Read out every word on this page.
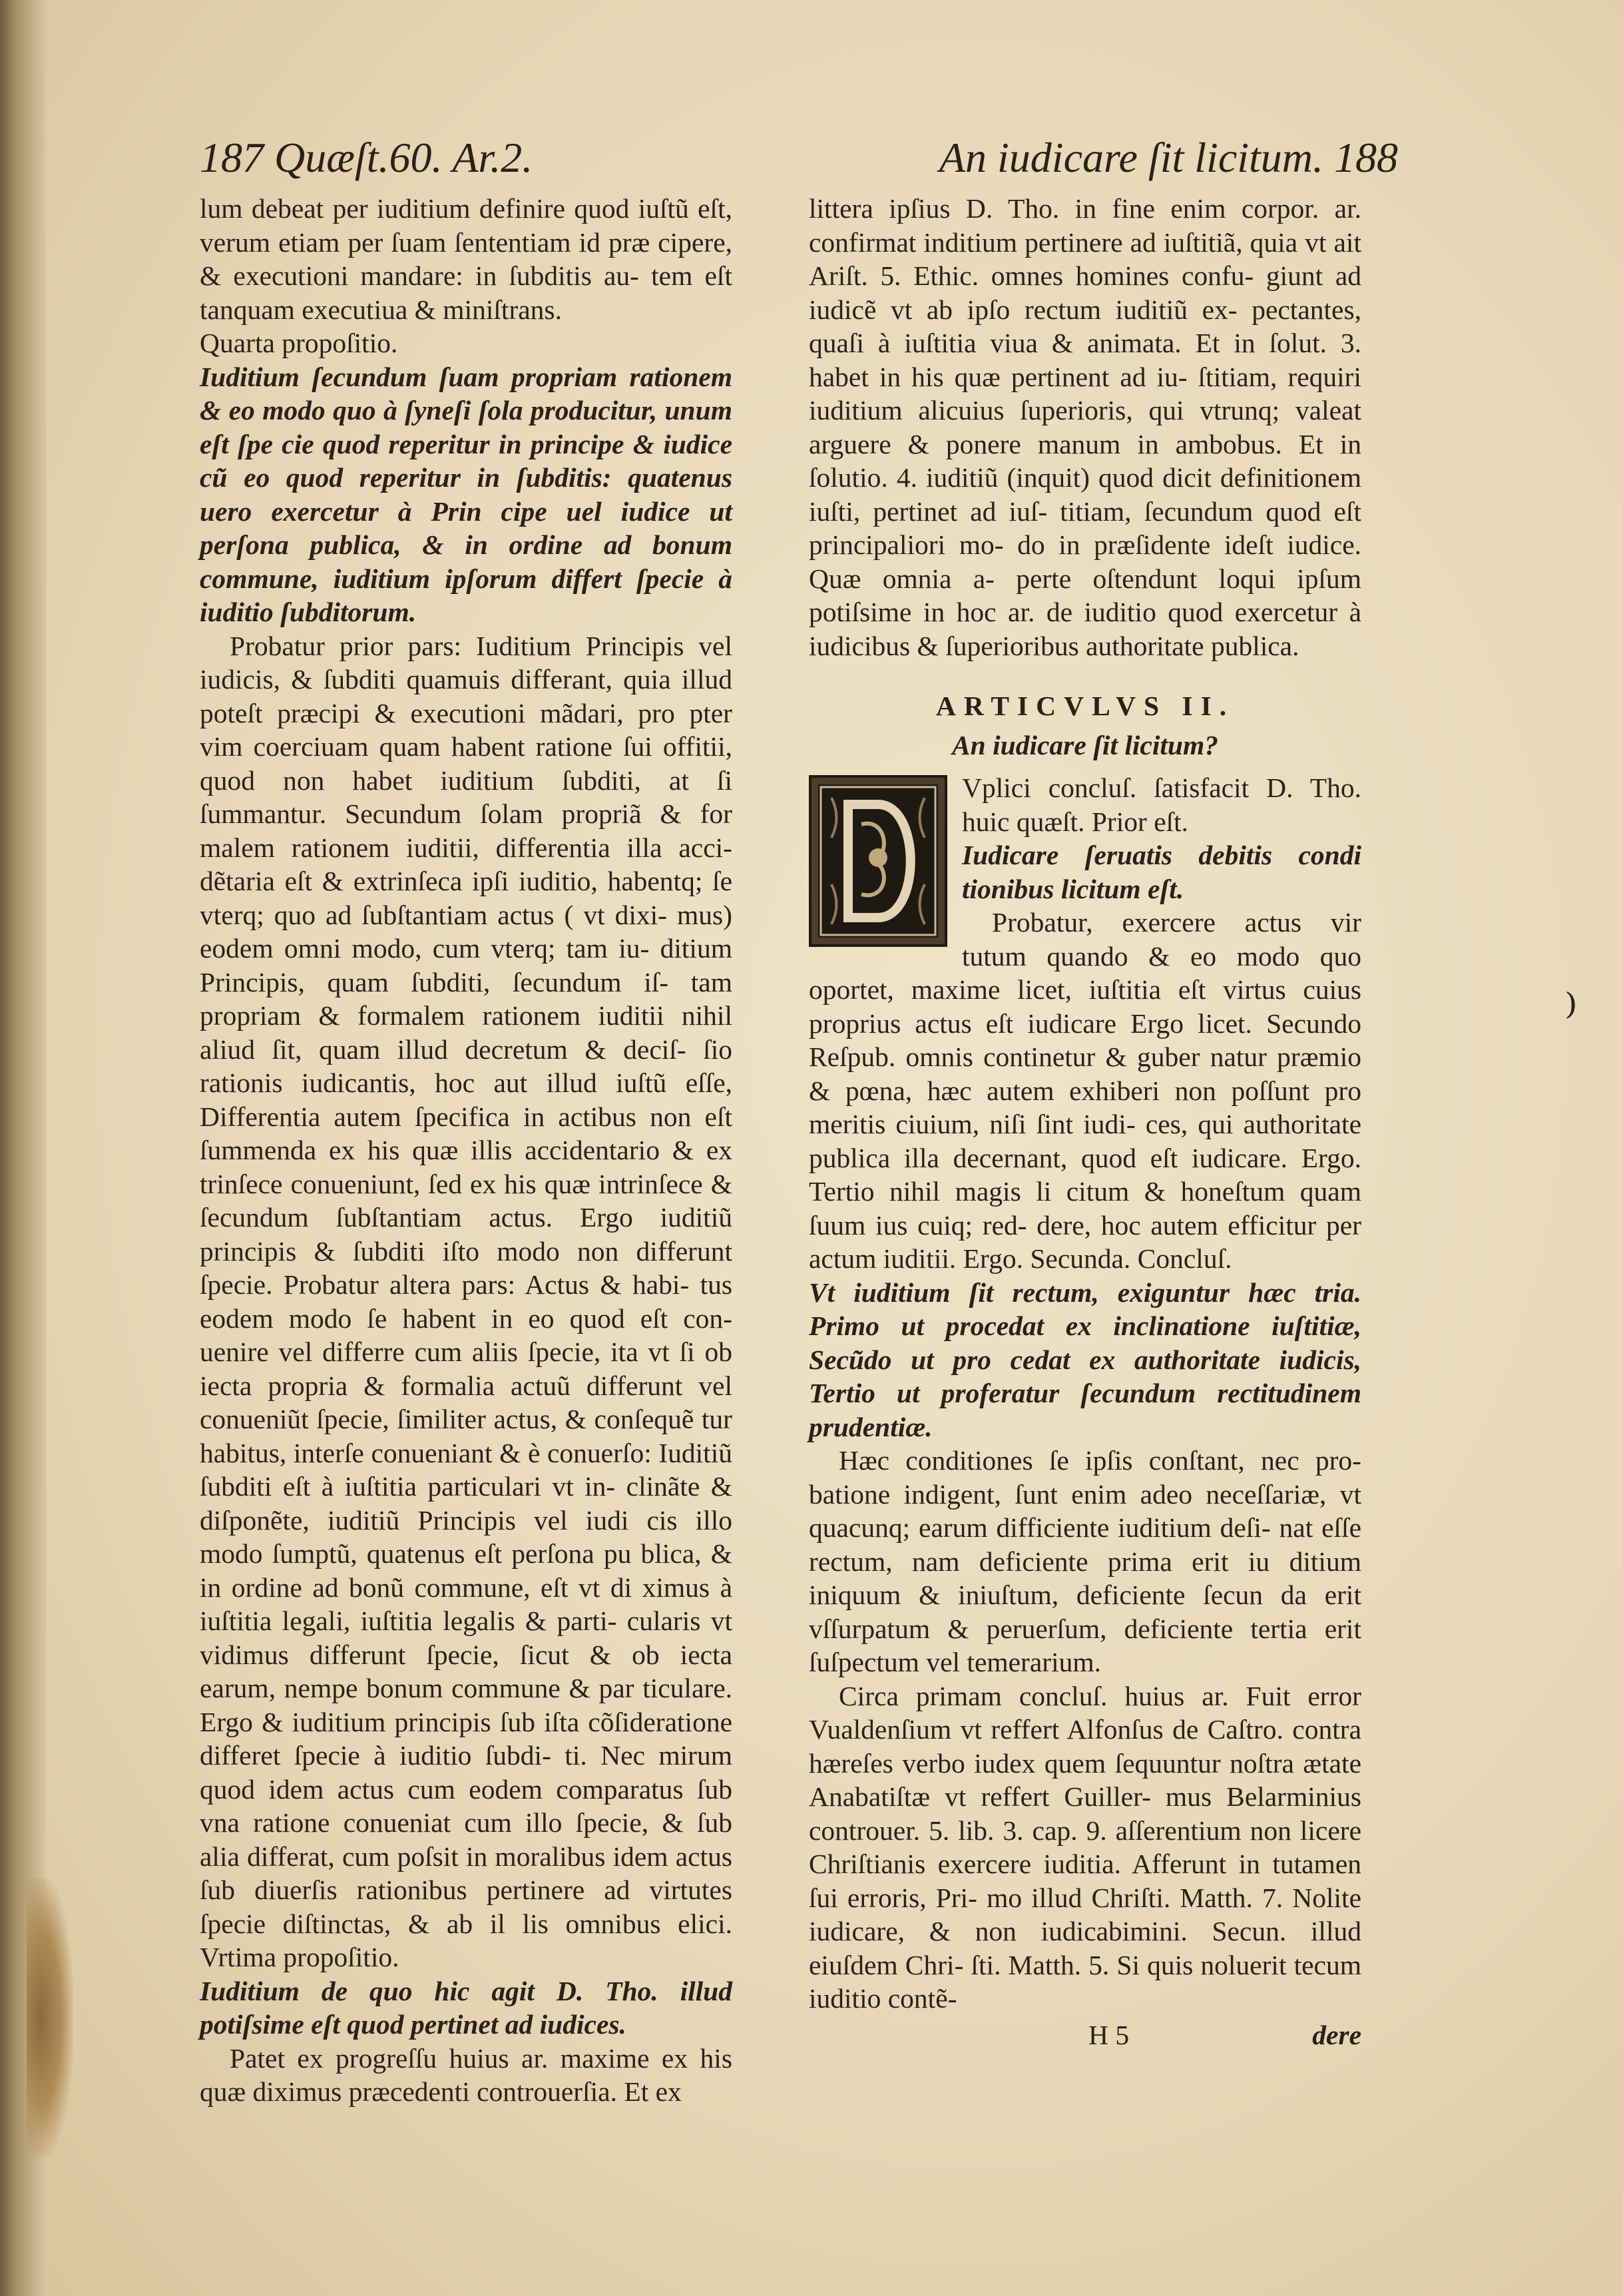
187 Quæſt.60. Ar.2.	An iudicare ſit licitum. 188

lum debeat per iuditium definire quod iuſtũ eſt, verum etiam per ſuam ſententiam id præ cipere, & executioni mandare: in ſubditis au- tem eſt tanquam executiua & miniſtrans.

Quarta propoſitio.

Iuditium ſecundum ſuam propriam rationem & eo modo quo à ſyneſi ſola producitur, unum eſt ſpe cie quod reperitur in principe & iudice cũ eo quod reperitur in ſubditis: quatenus uero exercetur à Prin cipe uel iudice ut perſona publica, & in ordine ad bonum commune, iuditium ipſorum differt ſpecie à iuditio ſubditorum.

Probatur prior pars: Iuditium Principis vel iudicis, & ſubditi quamuis differant, quia illud poteſt præcipi & executioni mãdari, pro pter vim coerciuam quam habent ratione ſui offitii, quod non habet iuditium ſubditi, at ſi ſummantur. Secundum ſolam propriã & for malem rationem iuditii, differentia illa acci- dẽtaria eſt & extrinſeca ipſi iuditio, habentq; ſe vterq; quo ad ſubſtantiam actus ( vt dixi- mus) eodem omni modo, cum vterq; tam iu- ditium Principis, quam ſubditi, ſecundum iſ- tam propriam & formalem rationem iuditii nihil aliud ſit, quam illud decretum & deciſ- ſio rationis iudicantis, hoc aut illud iuſtũ eſſe, Differentia autem ſpecifica in actibus non eſt ſummenda ex his quæ illis accidentario & ex trinſece conueniunt, ſed ex his quæ intrinſece & ſecundum ſubſtantiam actus. Ergo iuditiũ principis & ſubditi iſto modo non differunt ſpecie. Probatur altera pars: Actus & habi- tus eodem modo ſe habent in eo quod eſt con- uenire vel differre cum aliis ſpecie, ita vt ſi ob iecta propria & formalia actuũ differunt vel conueniũt ſpecie, ſimiliter actus, & conſequẽ tur habitus, interſe conueniant & è conuerſo: Iuditiũ ſubditi eſt à iuſtitia particulari vt in- clinãte & diſponẽte, iuditiũ Principis vel iudi cis illo modo ſumptũ, quatenus eſt perſona pu blica, & in ordine ad bonũ commune, eſt vt di ximus à iuſtitia legali, iuſtitia legalis & parti- cularis vt vidimus differunt ſpecie, ſicut & ob iecta earum, nempe bonum commune & par ticulare. Ergo & iuditium principis ſub iſta cõſideratione differet ſpecie à iuditio ſubdi- ti. Nec mirum quod idem actus cum eodem comparatus ſub vna ratione conueniat cum illo ſpecie, & ſub alia differat, cum poſsit in moralibus idem actus ſub diuerſis rationibus pertinere ad virtutes ſpecie diſtinctas, & ab il lis omnibus elici. Vrtima propoſitio.

Iuditium de quo hic agit D. Tho. illud potiſsime eſt quod pertinet ad iudices.

Patet ex progreſſu huius ar. maxime ex his quæ diximus præcedenti controuerſia. Et ex

littera ipſius D. Tho. in fine enim corpor. ar. confirmat inditium pertinere ad iuſtitiã, quia vt ait Ariſt. 5. Ethic. omnes homines confu- giunt ad iudicẽ vt ab ipſo rectum iuditiũ ex- pectantes, quaſi à iuſtitia viua & animata. Et in ſolut. 3. habet in his quæ pertinent ad iu- ſtitiam, requiri iuditium alicuius ſuperioris, qui vtrunq; valeat arguere & ponere manum in ambobus. Et in ſolutio. 4. iuditiũ (inquit) quod dicit definitionem iuſti, pertinet ad iuſ- titiam, ſecundum quod eſt principaliori mo- do in præſidente ideſt iudice. Quæ omnia a- perte oſtendunt loqui ipſum potiſsime in hoc ar. de iuditio quod exercetur à iudicibus & ſuperioribus authoritate publica.

ARTICVLVS II.

An iudicare ſit licitum?

Vplici concluſ. ſatisfacit D. Tho. huic quæſt. Prior eſt.

Iudicare ſeruatis debitis condi tionibus licitum eſt.

Probatur, exercere actus vir tutum quando & eo modo quo oportet, maxime licet, iuſtitia eſt virtus cuius proprius actus eſt iudicare Ergo licet. Secundo Reſpub. omnis continetur & guber natur præmio & pœna, hæc autem exhiberi non poſſunt pro meritis ciuium, niſi ſint iudi- ces, qui authoritate publica illa decernant, quod eſt iudicare. Ergo. Tertio nihil magis li citum & honeſtum quam ſuum ius cuiq; red- dere, hoc autem efficitur per actum iuditii. Ergo. Secunda. Concluſ.

Vt iuditium ſit rectum, exiguntur hæc tria. Primo ut procedat ex inclinatione iuſtitiæ, Secũdo ut pro cedat ex authoritate iudicis, Tertio ut proferatur ſecundum rectitudinem prudentiæ.

Hæc conditiones ſe ipſis conſtant, nec pro- batione indigent, ſunt enim adeo neceſſariæ, vt quacunq; earum difficiente iuditium deſi- nat eſſe rectum, nam deficiente prima erit iu ditium iniquum & iniuſtum, deficiente ſecun da erit vſſurpatum & peruerſum, deficiente tertia erit ſuſpectum vel temerarium.

Circa primam concluſ. huius ar. Fuit error Vualdenſium vt reffert Alfonſus de Caſtro. contra hæreſes verbo iudex quem ſequuntur noſtra ætate Anabatiſtæ vt reffert Guiller- mus Belarminius controuer. 5. lib. 3. cap. 9. aſſerentium non licere Chriſtianis exercere iuditia. Afferunt in tutamen ſui erroris, Pri- mo illud Chriſti. Matth. 7. Nolite iudicare, & non iudicabimini. Secun. illud eiuſdem Chri- ſti. Matth. 5. Si quis noluerit tecum iuditio contẽ-

H 5	dere

⁾
